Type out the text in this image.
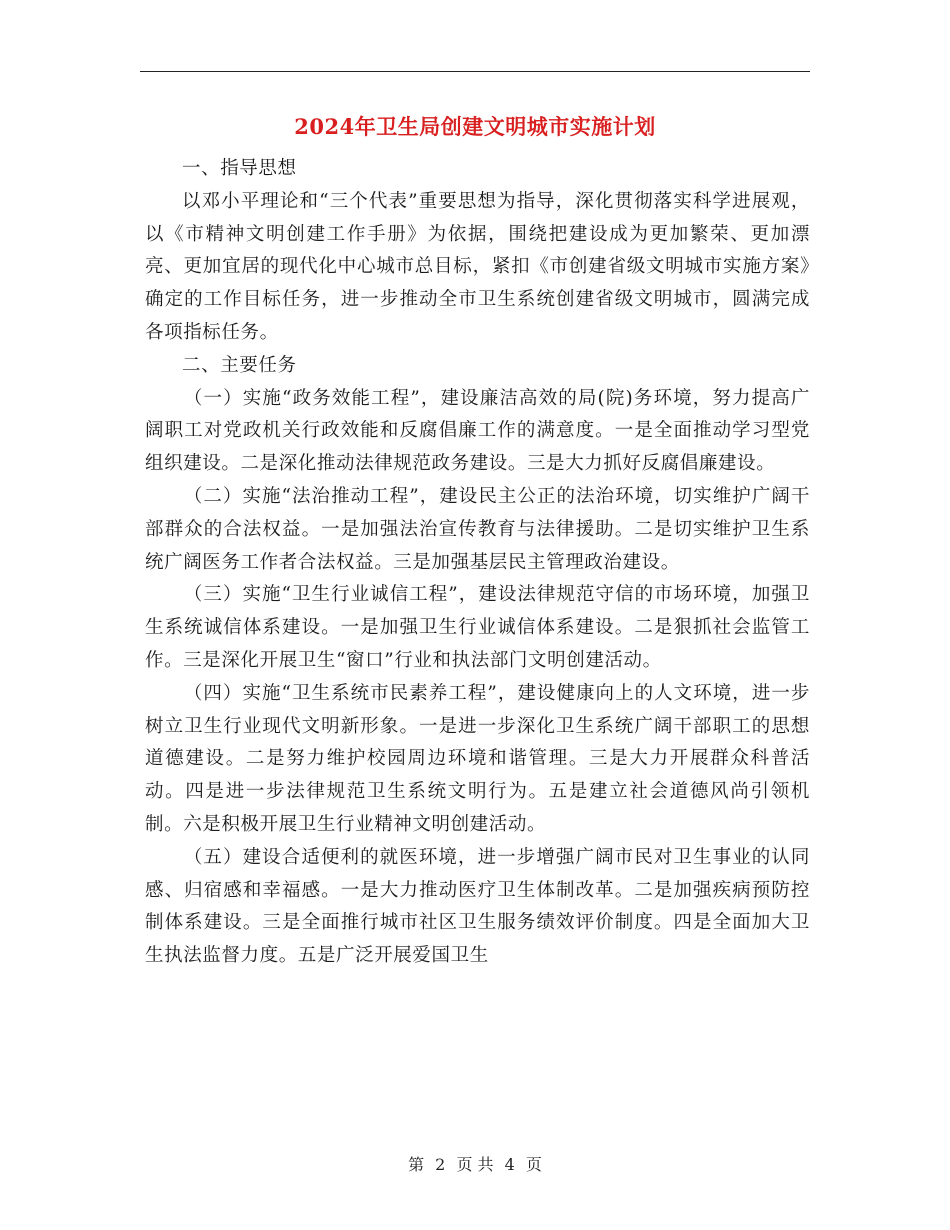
2024年卫生局创建文明城市实施计划

一、指导思想

以邓小平理论和“三个代表”重要思想为指导，深化贯彻落实科学进展观，以《市精神文明创建工作手册》为依据，围绕把建设成为更加繁荣、更加漂亮、更加宜居的现代化中心城市总目标，紧扣《市创建省级文明城市实施方案》确定的工作目标任务，进一步推动全市卫生系统创建省级文明城市，圆满完成各项指标任务。

二、主要任务

（一）实施“政务效能工程”，建设廉洁高效的局(院)务环境，努力提高广阔职工对党政机关行政效能和反腐倡廉工作的满意度。一是全面推动学习型党组织建设。二是深化推动法律规范政务建设。三是大力抓好反腐倡廉建设。

（二）实施“法治推动工程”，建设民主公正的法治环境，切实维护广阔干部群众的合法权益。一是加强法治宣传教育与法律援助。二是切实维护卫生系统广阔医务工作者合法权益。三是加强基层民主管理政治建设。

（三）实施“卫生行业诚信工程”，建设法律规范守信的市场环境，加强卫生系统诚信体系建设。一是加强卫生行业诚信体系建设。二是狠抓社会监管工作。三是深化开展卫生“窗口”行业和执法部门文明创建活动。

（四）实施“卫生系统市民素养工程”，建设健康向上的人文环境，进一步树立卫生行业现代文明新形象。一是进一步深化卫生系统广阔干部职工的思想道德建设。二是努力维护校园周边环境和谐管理。三是大力开展群众科普活动。四是进一步法律规范卫生系统文明行为。五是建立社会道德风尚引领机制。六是积极开展卫生行业精神文明创建活动。

（五）建设合适便利的就医环境，进一步增强广阔市民对卫生事业的认同感、归宿感和幸福感。一是大力推动医疗卫生体制改革。二是加强疾病预防控制体系建设。三是全面推行城市社区卫生服务绩效评价制度。四是全面加大卫生执法监督力度。五是广泛开展爱国卫生

第 2 页 共 4 页
